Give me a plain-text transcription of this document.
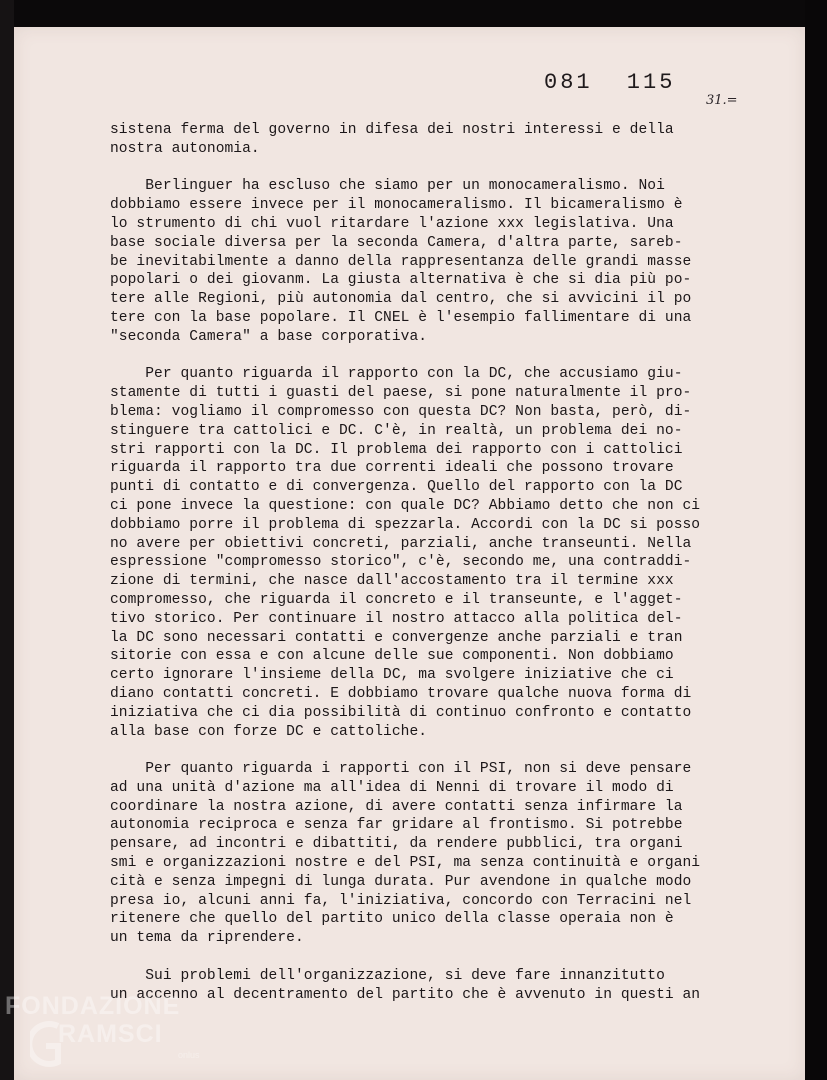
081 115
31.=
sistena ferma del governo in difesa dei nostri interessi e della
nostra autonomia.

Berlinguer ha escluso che siamo per un monocameralismo. Noi
dobbiamo essere invece per il monocameralismo. Il bicameralismo è
lo strumento di chi vuol ritardare l'azione xxx legislativa. Una
base sociale diversa per la seconda Camera, d'altra parte, sareb-
be inevitabilmente a danno della rappresentanza delle grandi masse
popolari o dei giovanm. La giusta alternativa è che si dia più po-
tere alle Regioni, più autonomia dal centro, che si avvicini il po
tere con la base popolare. Il CNEL è l'esempio fallimentare di una
"seconda Camera" a base corporativa.

Per quanto riguarda il rapporto con la DC, che accusiamo giu-
stamente di tutti i guasti del paese, si pone naturalmente il pro-
blema: vogliamo il compromesso con questa DC? Non basta, però, di-
stinguere tra cattolici e DC. C'è, in realtà, un problema dei no-
stri rapporti con la DC. Il problema dei rapporto con i cattolici
riguarda il rapporto tra due correnti ideali che possono trovare
punti di contatto e di convergenza. Quello del rapporto con la DC
ci pone invece la questione: con quale DC? Abbiamo detto che non ci
dobbiamo porre il problema di spezzarla. Accordi con la DC si posso
no avere per obiettivi concreti, parziali, anche transeunti. Nella
espressione "compromesso storico", c'è, secondo me, una contraddi-
zione di termini, che nasce dall'accostamento tra il termine xxx
compromesso, che riguarda il concreto e il transeunte, e l'agget-
tivo storico. Per continuare il nostro attacco alla politica del-
la DC sono necessari contatti e convergenze anche parziali e tran
sitorie con essa e con alcune delle sue componenti. Non dobbiamo
certo ignorare l'insieme della DC, ma svolgere iniziative che ci
diano contatti concreti. E dobbiamo trovare qualche nuova forma di
iniziativa che ci dia possibilità di continuo confronto e contatto
alla base con forze DC e cattoliche.

Per quanto riguarda i rapporti con il PSI, non si deve pensare
ad una unità d'azione ma all'idea di Nenni di trovare il modo di
coordinare la nostra azione, di avere contatti senza infirmare la
autonomia reciproca e senza far gridare al frontismo. Si potrebbe
pensare, ad incontri e dibattiti, da rendere pubblici, tra organi
smi e organizzazioni nostre e del PSI, ma senza continuità e organi
cità e senza impegni di lunga durata. Pur avendone in qualche modo
presa io, alcuni anni fa, l'iniziativa, concordo con Terracini nel
ritenere che quello del partito unico della classe operaia non è
un tema da riprendere.

Sui problemi dell'organizzazione, si deve fare innanzitutto
un accenno al decentramento del partito che è avvenuto in questi an
FONDAZIONE
RAMSCI
onlus
